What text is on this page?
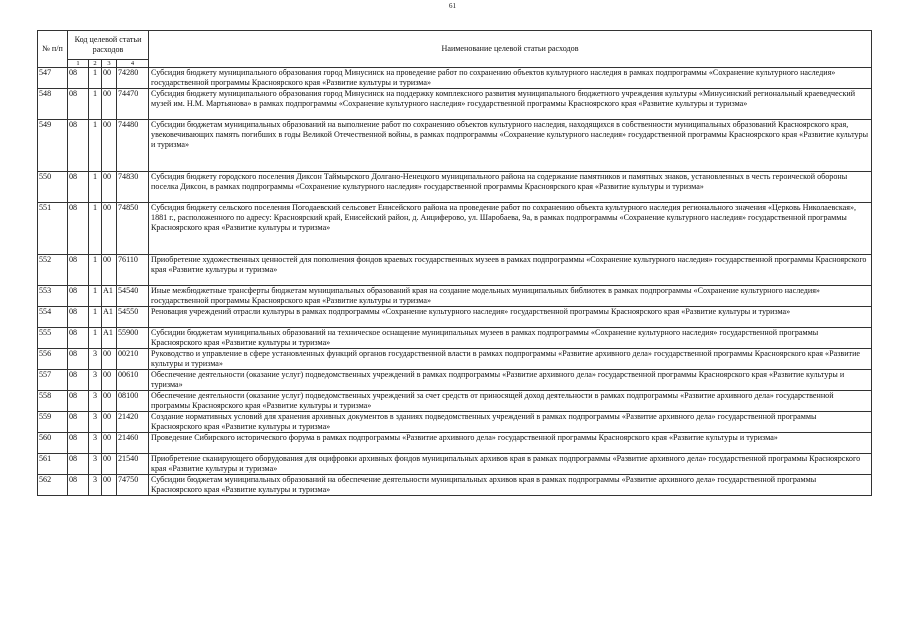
61
№ п/п	Код целевой статьи расходов				Наименование целевой статьи расходов
	1	2	3	4	
547	08	1	00	74280	Субсидия бюджету муниципального образования город Минусинск на проведение работ по сохранению объектов культурного наследия в рамках подпрограммы «Сохранение культурного наследия» государственной программы Красноярского края «Развитие культуры и туризма»
548	08	1	00	74470	Субсидия бюджету муниципального образования город Минусинск на поддержку комплексного развития муниципального бюджетного учреждения культуры «Минусинский региональный краеведческий музей им. Н.М. Мартьянова» в рамках подпрограммы «Сохранение культурного наследия» государственной программы Красноярского края «Развитие культуры и туризма»
549	08	1	00	74480	Субсидии бюджетам муниципальных образований на выполнение работ по сохранению объектов культурного наследия, находящихся в собственности муниципальных образований Красноярского края, увековечивающих память погибших в годы Великой Отечественной войны, в рамках подпрограммы «Сохранение культурного наследия» государственной программы Красноярского края «Развитие культуры и туризма»
550	08	1	00	74830	Субсидия бюджету городского поселения Диксон Таймырского Долгано-Ненецкого муниципального района на содержание памятников и памятных знаков, установленных в честь героической обороны поселка Диксон, в рамках подпрограммы «Сохранение культурного наследия» государственной программы Красноярского края «Развитие культуры и туризма»
551	08	1	00	74850	Субсидия бюджету сельского поселения Погодаевский сельсовет Енисейского района на проведение работ по сохранению объекта культурного наследия регионального значения «Церковь Николаевская», 1881 г., расположенного по адресу: Красноярский край, Енисейский район, д. Анциферово, ул. Шаробаева, 9а, в рамках подпрограммы «Сохранение культурного наследия» государственной программы Красноярского края «Развитие культуры и туризма»
552	08	1	00	76110	Приобретение художественных ценностей для пополнения фондов краевых государственных музеев в рамках подпрограммы «Сохранение культурного наследия» государственной программы Красноярского края «Развитие культуры и туризма»
553	08	1	A1	54540	Иные межбюджетные трансферты бюджетам муниципальных образований края на создание модельных муниципальных библиотек в рамках подпрограммы «Сохранение культурного наследия» государственной программы Красноярского края «Развитие культуры и туризма»
554	08	1	A1	54550	Реновация учреждений отрасли культуры в рамках подпрограммы «Сохранение культурного наследия» государственной программы Красноярского края «Развитие культуры и туризма»
555	08	1	A1	55900	Субсидии бюджетам муниципальных образований на техническое оснащение муниципальных музеев в рамках подпрограммы «Сохранение культурного наследия» государственной программы Красноярского края «Развитие культуры и туризма»
556	08	3	00	00210	Руководство и управление в сфере установленных функций органов государственной власти в рамках подпрограммы «Развитие архивного дела» государственной программы Красноярского края «Развитие культуры и туризма»
557	08	3	00	00610	Обеспечение деятельности (оказание услуг) подведомственных учреждений в рамках подпрограммы «Развитие архивного дела» государственной программы Красноярского края «Развитие культуры и туризма»
558	08	3	00	08100	Обеспечение деятельности (оказание услуг) подведомственных учреждений за счет средств от приносящей доход деятельности в рамках подпрограммы «Развитие архивного дела» государственной программы Красноярского края «Развитие культуры и туризма»
559	08	3	00	21420	Создание нормативных условий для хранения архивных документов в зданиях подведомственных учреждений в рамках подпрограммы «Развитие архивного дела» государственной программы Красноярского края «Развитие культуры и туризма»
560	08	3	00	21460	Проведение Сибирского исторического форума в рамках подпрограммы «Развитие архивного дела» государственной программы Красноярского края «Развитие культуры и туризма»
561	08	3	00	21540	Приобретение сканирующего оборудования для оцифровки архивных фондов муниципальных архивов края в рамках подпрограммы «Развитие архивного дела» государственной программы Красноярского края «Развитие культуры и туризма»
562	08	3	00	74750	Субсидии бюджетам муниципальных образований на обеспечение деятельности муниципальных архивов края в рамках подпрограммы «Развитие архивного дела» государственной программы Красноярского края «Развитие культуры и туризма»
